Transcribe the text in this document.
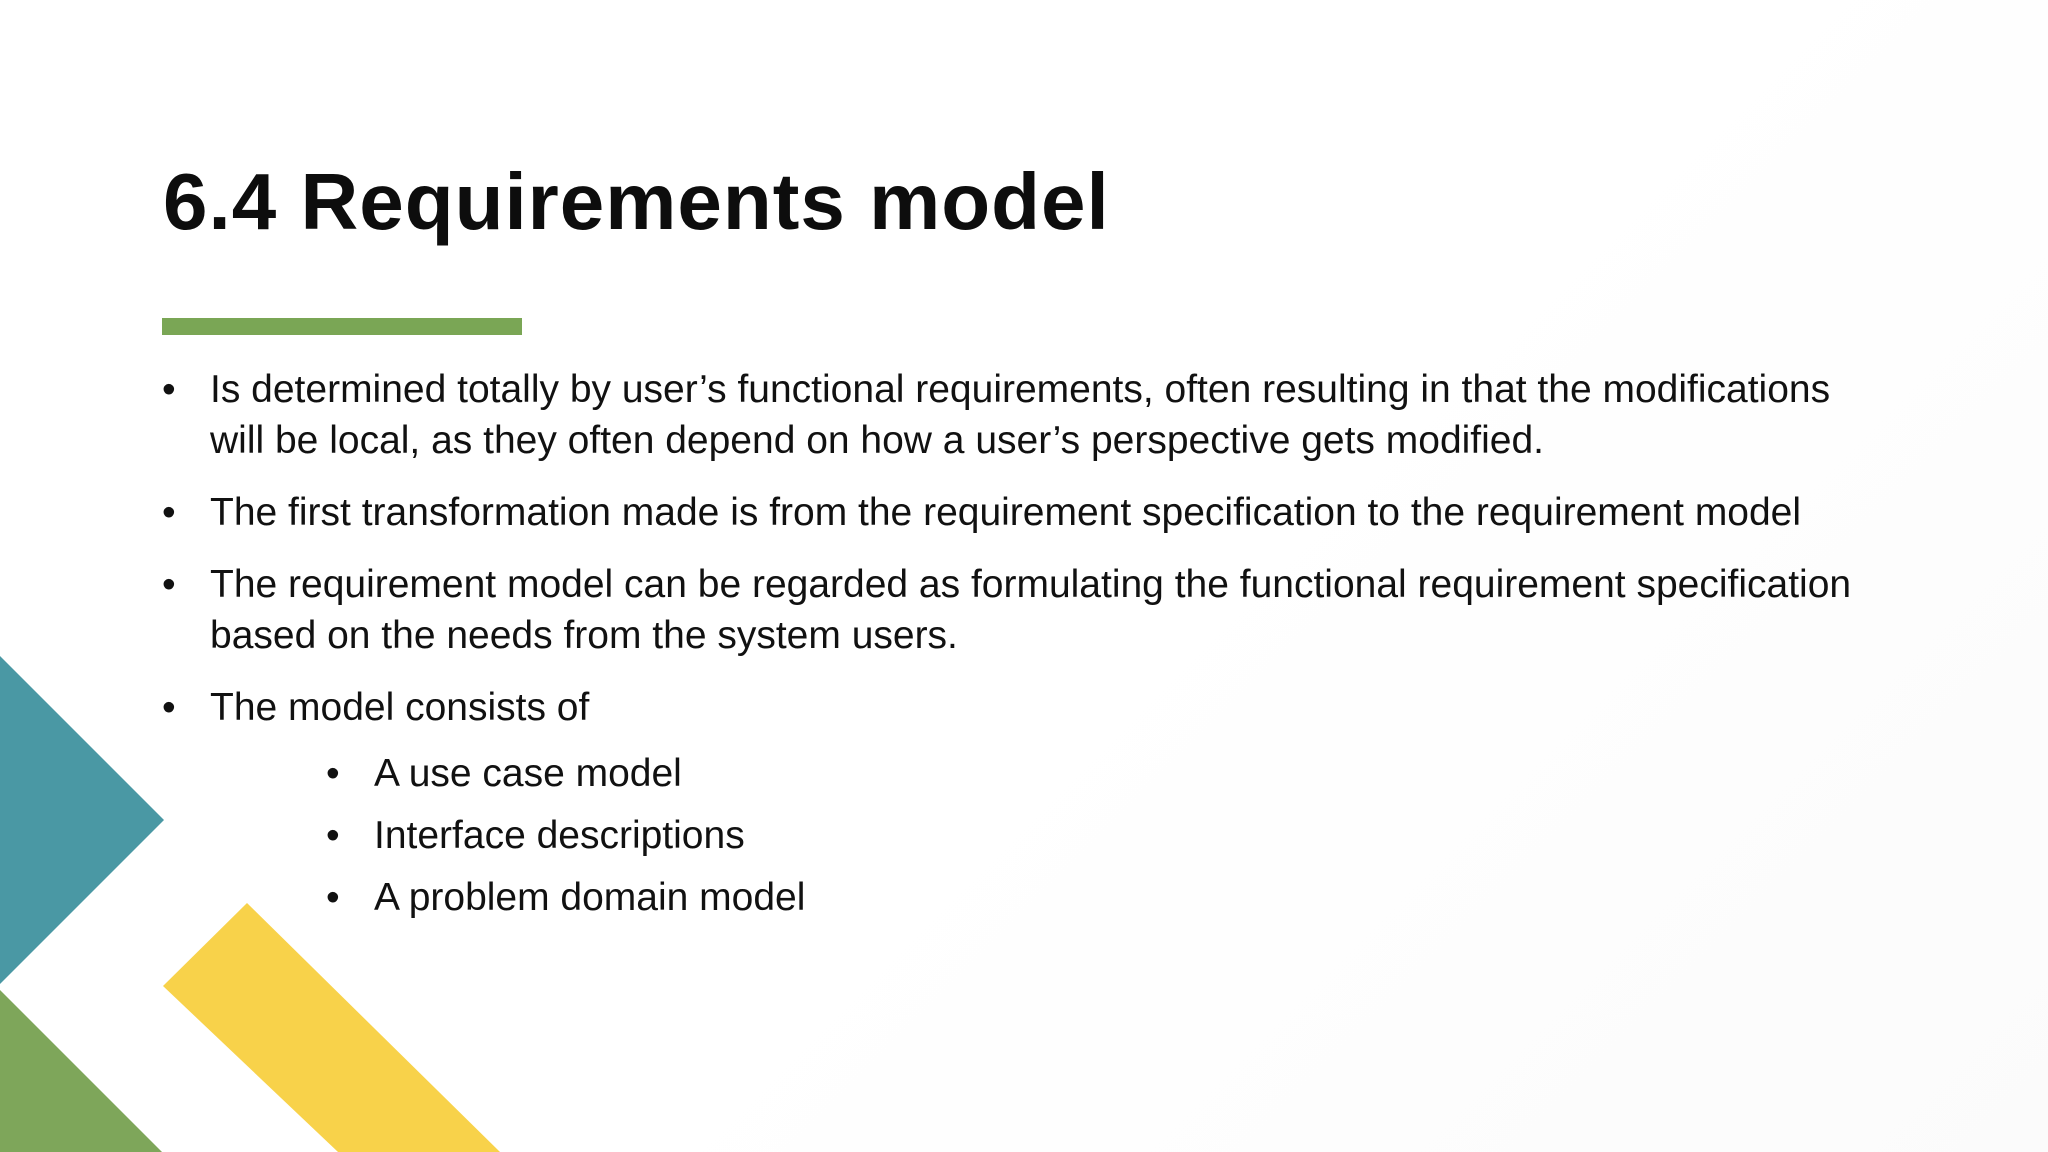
6.4 Requirements model
• Is determined totally by user’s functional requirements, often resulting in that the modifications will be local, as they often depend on how a user’s perspective gets modified.
• The first transformation made is from the requirement specification to the requirement model
• The requirement model can be regarded as formulating the functional requirement specification based on the needs from the system users.
• The model consists of
• A use case model
• Interface descriptions
• A problem domain model
